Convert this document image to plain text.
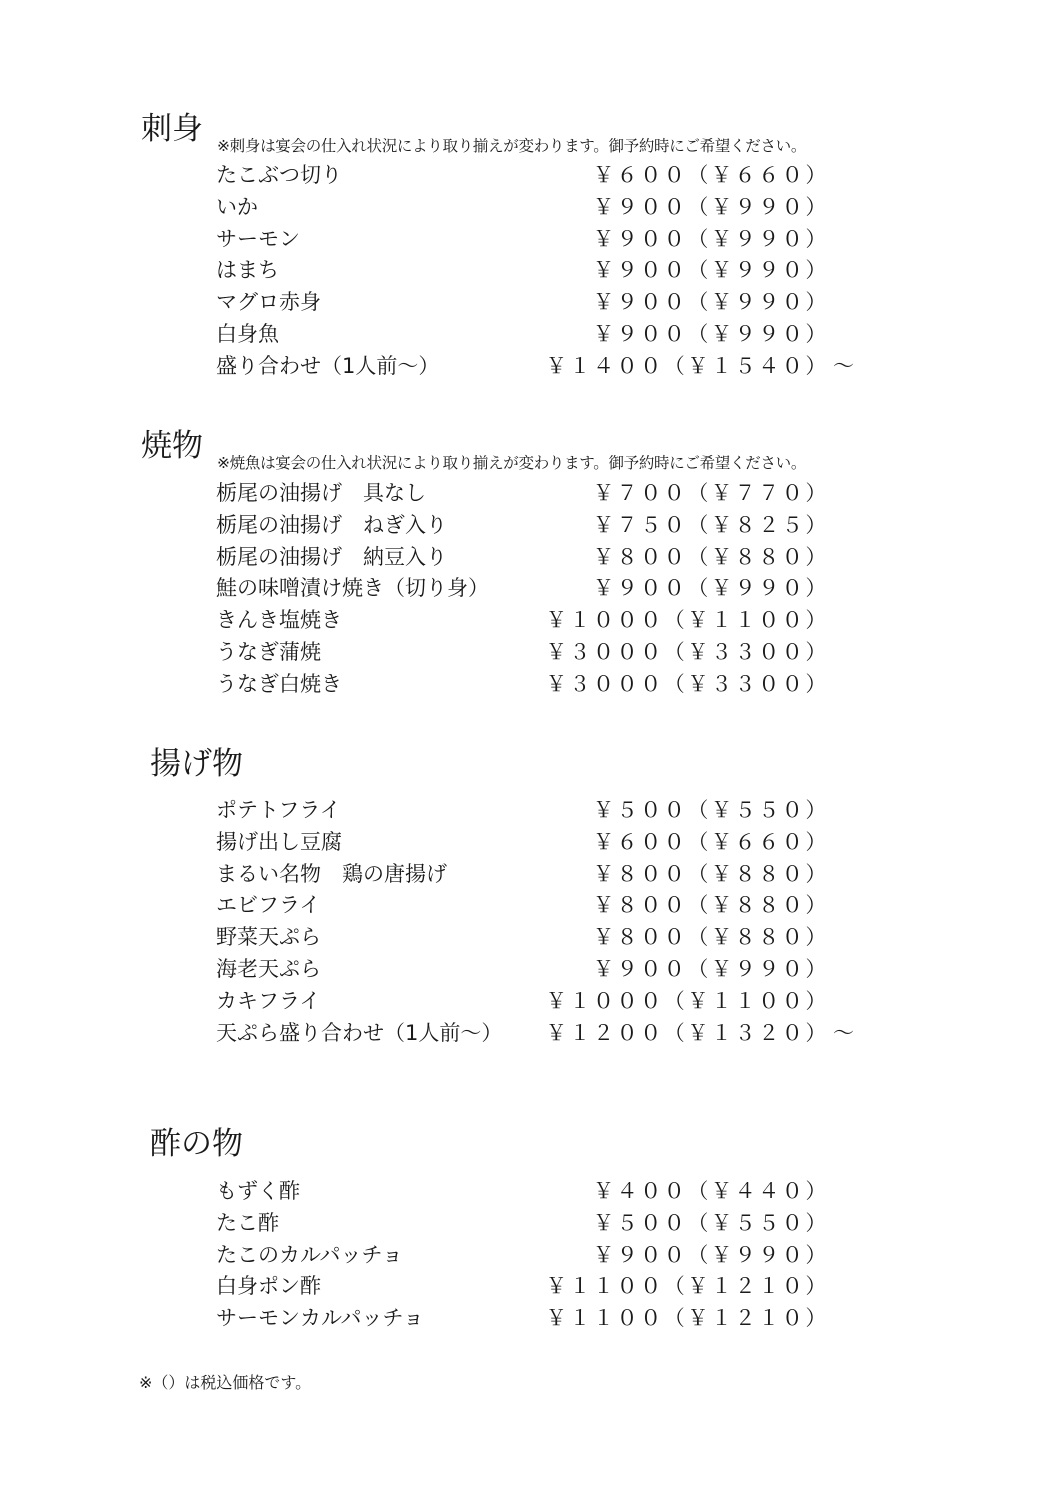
刺身 ※刺身は宴会の仕入れ状況により取り揃えが変わります。御予約時にご希望ください。
たこぶつ切り	￥６００（￥６６０）
いか	￥９００（￥９９０）
サーモン	￥９００（￥９９０）
はまち	￥９００（￥９９０）
マグロ赤身	￥９００（￥９９０）
白身魚	￥９００（￥９９０）
盛り合わせ（1人前〜）	￥１４００（￥１５４０） 〜
焼物 ※焼魚は宴会の仕入れ状況により取り揃えが変わります。御予約時にご希望ください。
栃尾の油揚げ　具なし	￥７００（￥７７０）
栃尾の油揚げ　ねぎ入り	￥７５０（￥８２５）
栃尾の油揚げ　納豆入り	￥８００（￥８８０）
鮭の味噌漬け焼き（切り身）	￥９００（￥９９０）
きんき塩焼き	￥１０００（￥１１００）
うなぎ蒲焼	￥３０００（￥３３００）
うなぎ白焼き	￥３０００（￥３３００）
揚げ物
ポテトフライ	￥５００（￥５５０）
揚げ出し豆腐	￥６００（￥６６０）
まるい名物　鶏の唐揚げ	￥８００（￥８８０）
エビフライ	￥８００（￥８８０）
野菜天ぷら	￥８００（￥８８０）
海老天ぷら	￥９００（￥９９０）
カキフライ	￥１０００（￥１１００）
天ぷら盛り合わせ（1人前〜） ￥１２００（￥１３２０） 〜
酢の物
もずく酢	￥４００（￥４４０）
たこ酢	￥５００（￥５５０）
たこのカルパッチョ	￥９００（￥９９０）
白身ポン酢	￥１１００（￥１２１０）
サーモンカルパッチョ	￥１１００（￥１２１０）
※（）は税込価格です。
